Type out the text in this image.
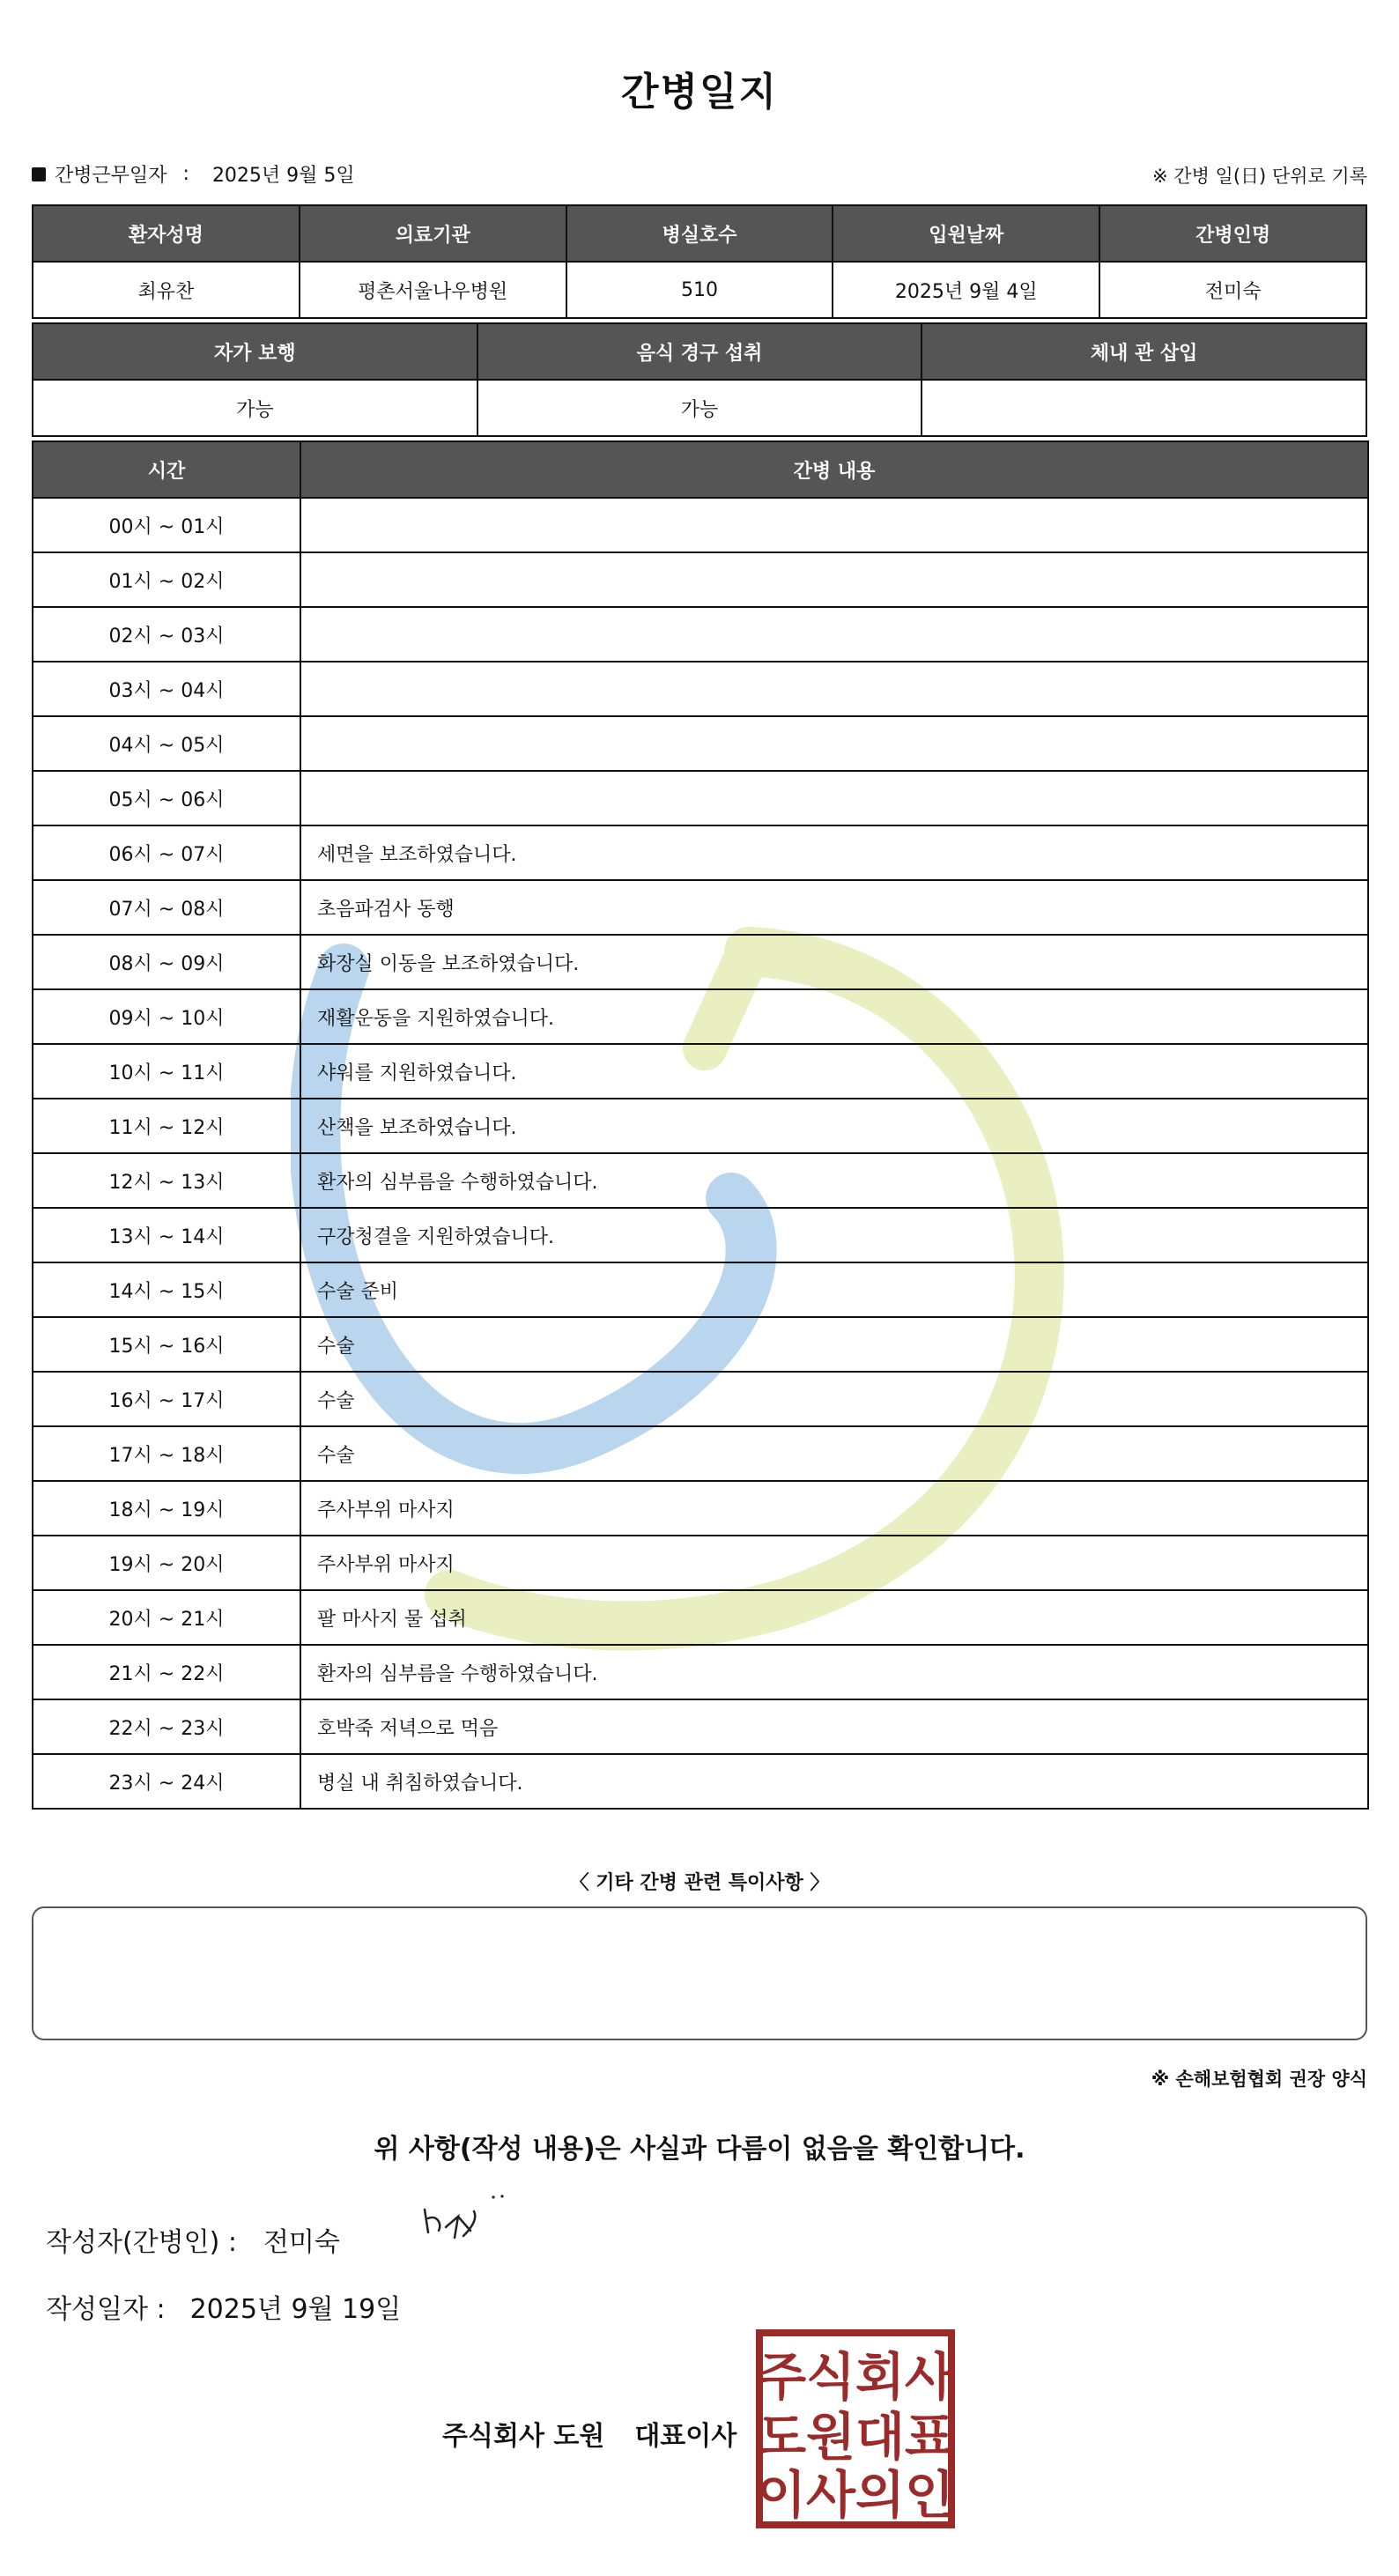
간병일지
간병근무일자 : 2025년 9월 5일	※ 간병 일(日) 단위로 기록
환자성명	의료기관	병실호수	입원날짜	간병인명
최유찬	평촌서울나우병원	510	2025년 9월 4일	전미숙
자가 보행	음식 경구 섭취	체내 관 삽입
가능	가능	
시간	간병 내용
00시 ~ 01시	
01시 ~ 02시	
02시 ~ 03시	
03시 ~ 04시	
04시 ~ 05시	
05시 ~ 06시	
06시 ~ 07시	세면을 보조하였습니다.
07시 ~ 08시	초음파검사 동행
08시 ~ 09시	화장실 이동을 보조하였습니다.
09시 ~ 10시	재활운동을 지원하였습니다.
10시 ~ 11시	샤워를 지원하였습니다.
11시 ~ 12시	산책을 보조하였습니다.
12시 ~ 13시	환자의 심부름을 수행하였습니다.
13시 ~ 14시	구강청결을 지원하였습니다.
14시 ~ 15시	수술 준비
15시 ~ 16시	수술
16시 ~ 17시	수술
17시 ~ 18시	수술
18시 ~ 19시	주사부위 마사지
19시 ~ 20시	주사부위 마사지
20시 ~ 21시	팔 마사지 물 섭취
21시 ~ 22시	환자의 심부름을 수행하였습니다.
22시 ~ 23시	호박죽 저녁으로 먹음
23시 ~ 24시	병실 내 취침하였습니다.
〈 기타 간병 관련 특이사항 〉
※ 손해보험협회 권장 양식
위 사항(작성 내용)은 사실과 다름이 없음을 확인합니다.
작성자(간병인) : 전미숙
작성일자 : 2025년 9월 19일
주식회사 도원 대표이사
주식회사
도원대표
이사의인
